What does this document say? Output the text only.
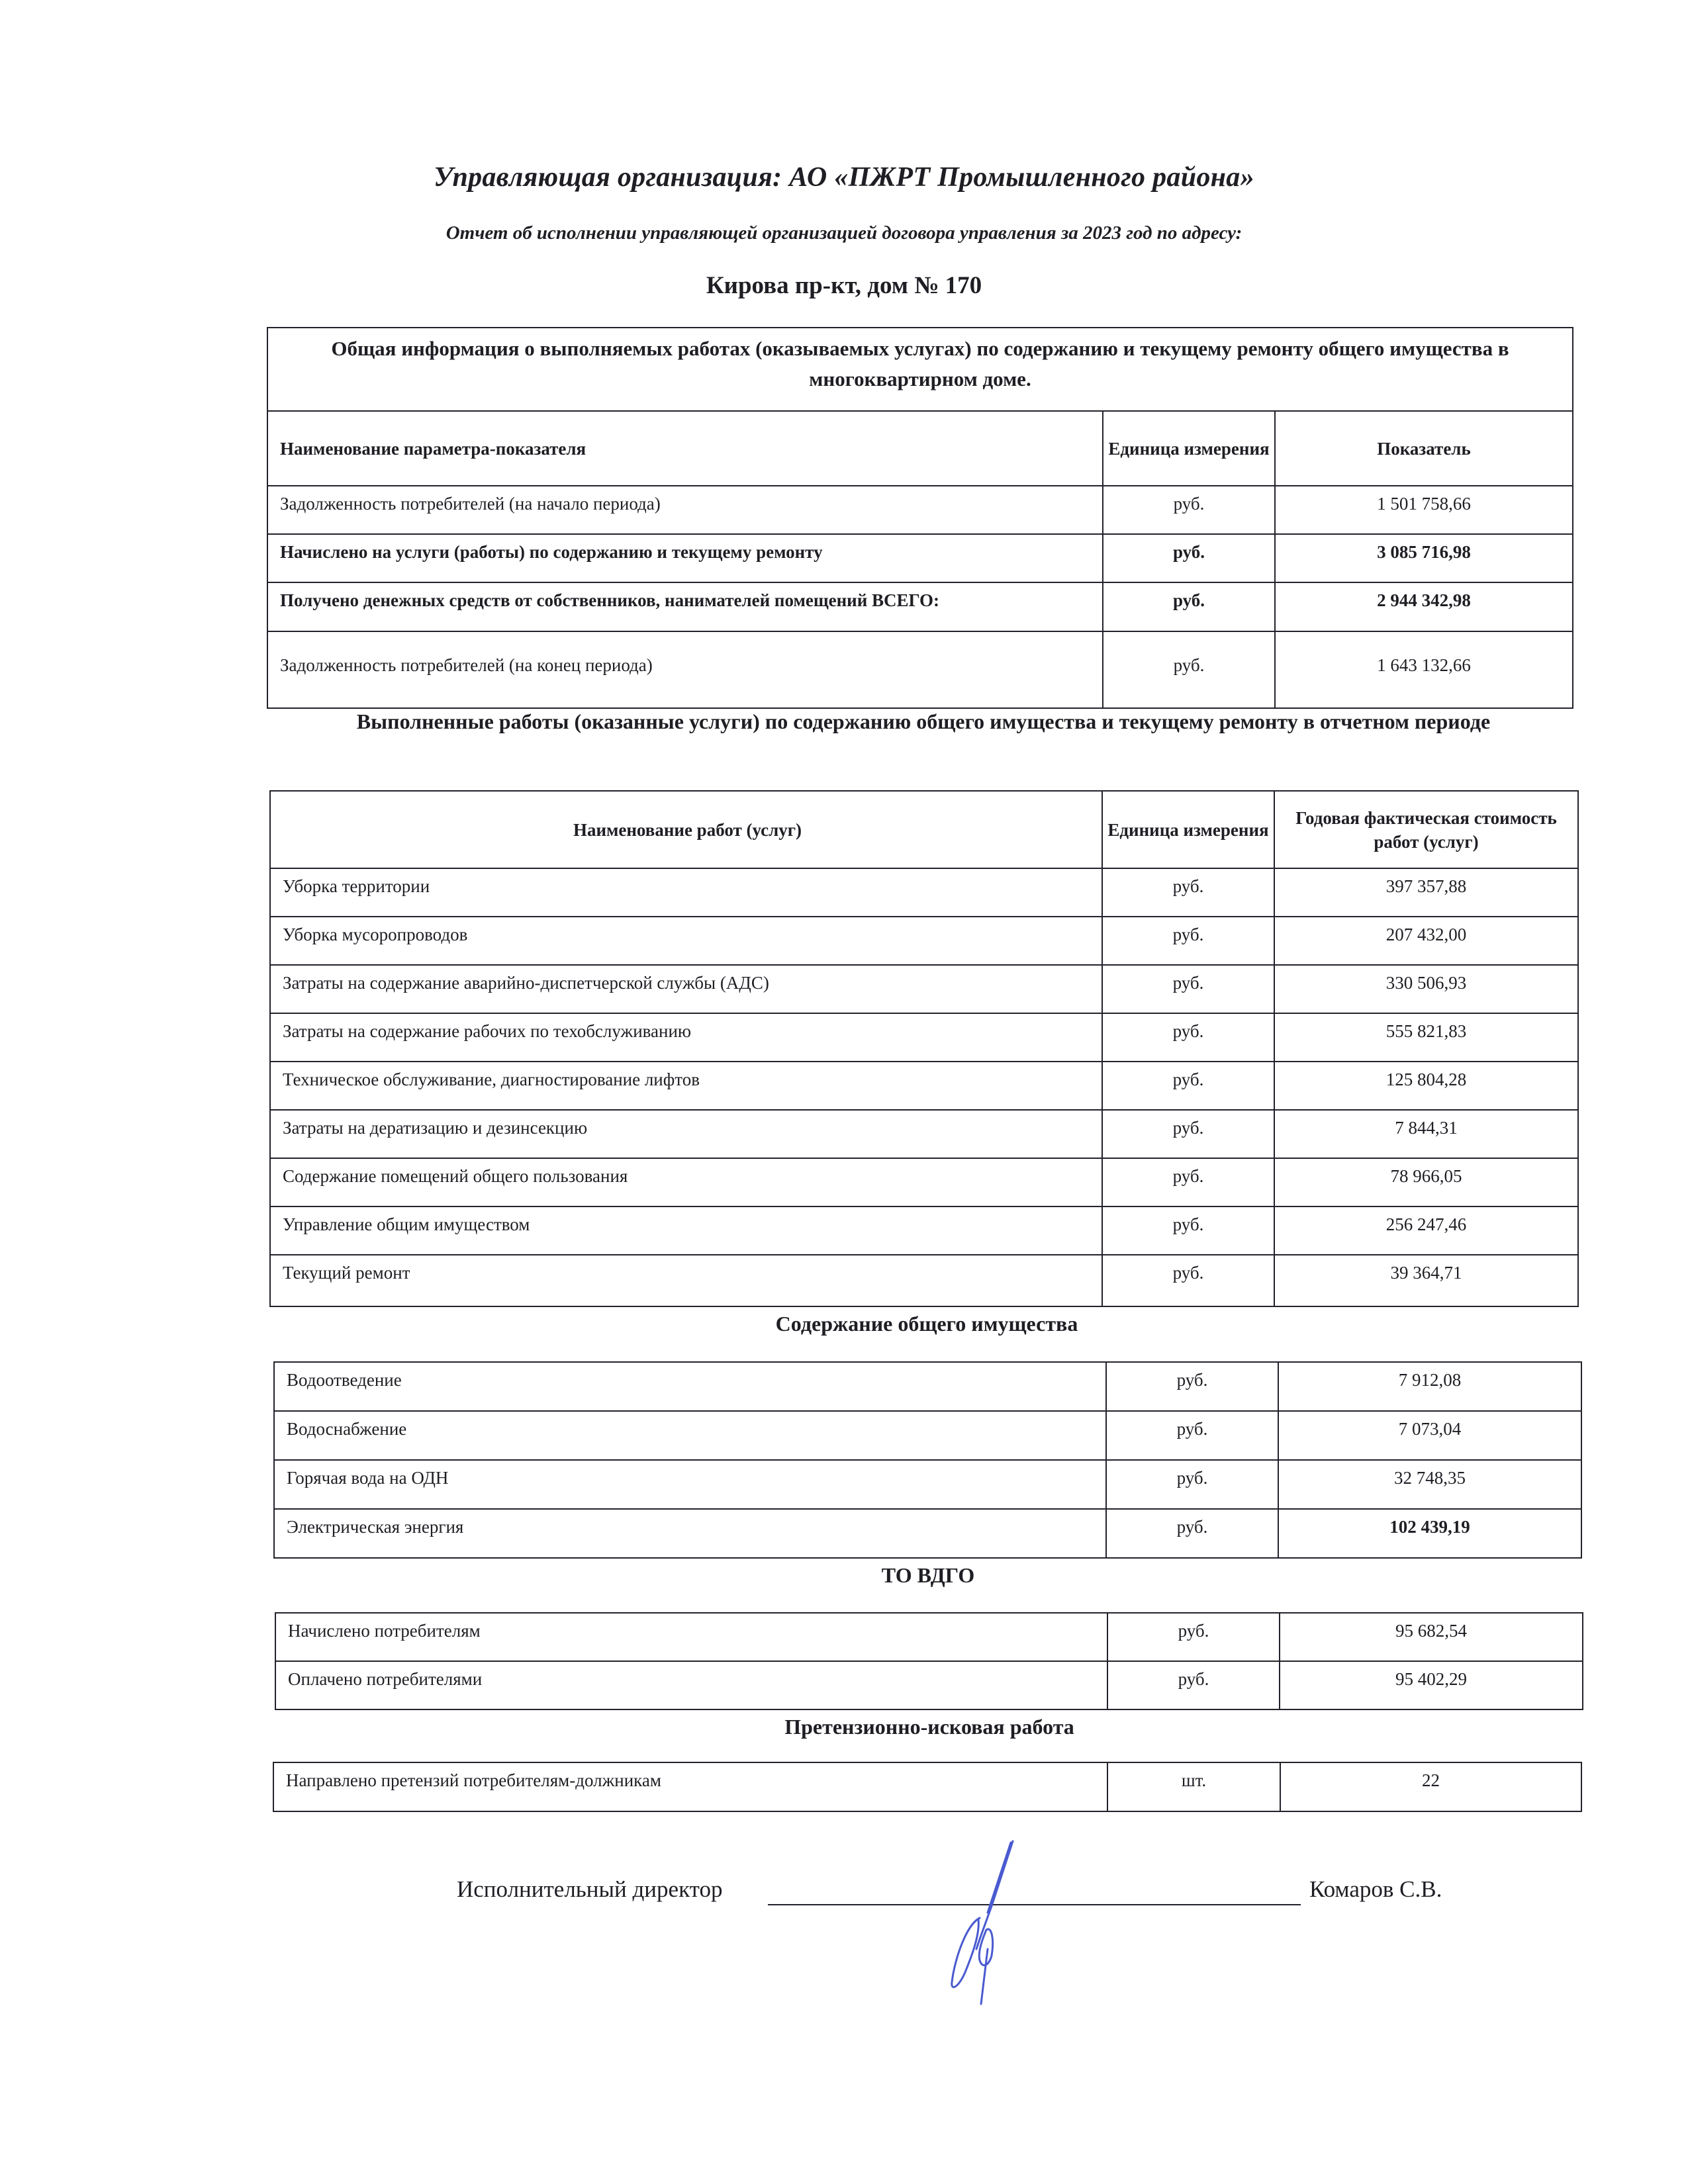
Управляющая организация: АО «ПЖРТ Промышленного района»
Отчет об исполнении управляющей организацией договора управления за 2023 год по адресу:
Кирова пр-кт, дом № 170
Общая информация о выполняемых работах (оказываемых услугах) по содержанию и текущему ремонту общего имущества в многоквартирном доме.		
Наименование параметра-показателя	Единица измерения	Показатель
Задолженность потребителей (на начало периода)	руб.	1 501 758,66
Начислено на услуги (работы) по содержанию и текущему ремонту	руб.	3 085 716,98
Получено денежных средств от собственников, нанимателей помещений ВСЕГО:	руб.	2 944 342,98
Задолженность потребителей (на конец периода)	руб.	1 643 132,66
Выполненные работы (оказанные услуги) по содержанию общего имущества и текущему ремонту в отчетном периоде
Наименование работ (услуг)	Единица измерения	Годовая фактическая стоимость работ (услуг)
Уборка территории	руб.	397 357,88
Уборка мусоропроводов	руб.	207 432,00
Затраты на содержание аварийно-диспетчерской службы (АДС)	руб.	330 506,93
Затраты на содержание рабочих по техобслуживанию	руб.	555 821,83
Техническое обслуживание, диагностирование лифтов	руб.	125 804,28
Затраты на дератизацию и дезинсекцию	руб.	7 844,31
Содержание помещений общего пользования	руб.	78 966,05
Управление общим имуществом	руб.	256 247,46
Текущий ремонт	руб.	39 364,71
Содержание общего имущества
Водоотведение	руб.	7 912,08
Водоснабжение	руб.	7 073,04
Горячая вода на ОДН	руб.	32 748,35
Электрическая энергия	руб.	102 439,19
ТО ВДГО
Начислено потребителям	руб.	95 682,54
Оплачено потребителями	руб.	95 402,29
Претензионно-исковая работа
Направлено претензий потребителям-должникам	шт.	22
Исполнительный директор	Комаров С.В.
